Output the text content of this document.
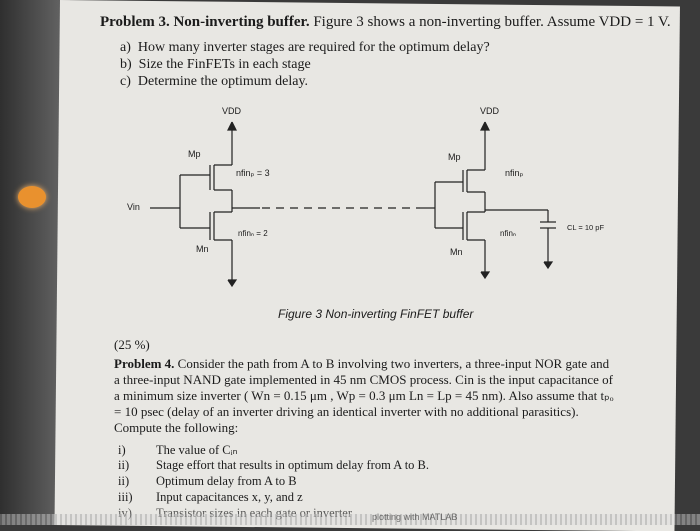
Problem 3. Non-inverting buffer. Figure 3 shows a non-inverting buffer. Assume VDD = 1 V.
a) How many inverter stages are required for the optimum delay?
b) Size the FinFETs in each stage
c) Determine the optimum delay.
VDD	VDD
Mp	Mp
nfinₚ = 3	nfinₚ
nfinₙ = 2	nfinₙ
Mn	Mn
Vin
CL = 10 pF
Figure 3 Non-inverting FinFET buffer
(25 %)
Problem 4. Consider the path from A to B involving two inverters, a three-input NOR gate and
a three-input NAND gate implemented in 45 nm CMOS process. Cin is the input capacitance of
a minimum size inverter ( Wn = 0.15 μm , Wp = 0.3 μm Ln = Lp = 45 nm). Also assume that tₚₒ
= 10 psec (delay of an inverter driving an identical inverter with no additional parasitics).
Compute the following:
i) The value of Cᵢₙ
ii) Stage effort that results in optimum delay from A to B.
ii) Optimum delay from A to B
iii) Input capacitances x, y, and z
iv) Transistor sizes in each gate or inverter plotting with MATLAB
